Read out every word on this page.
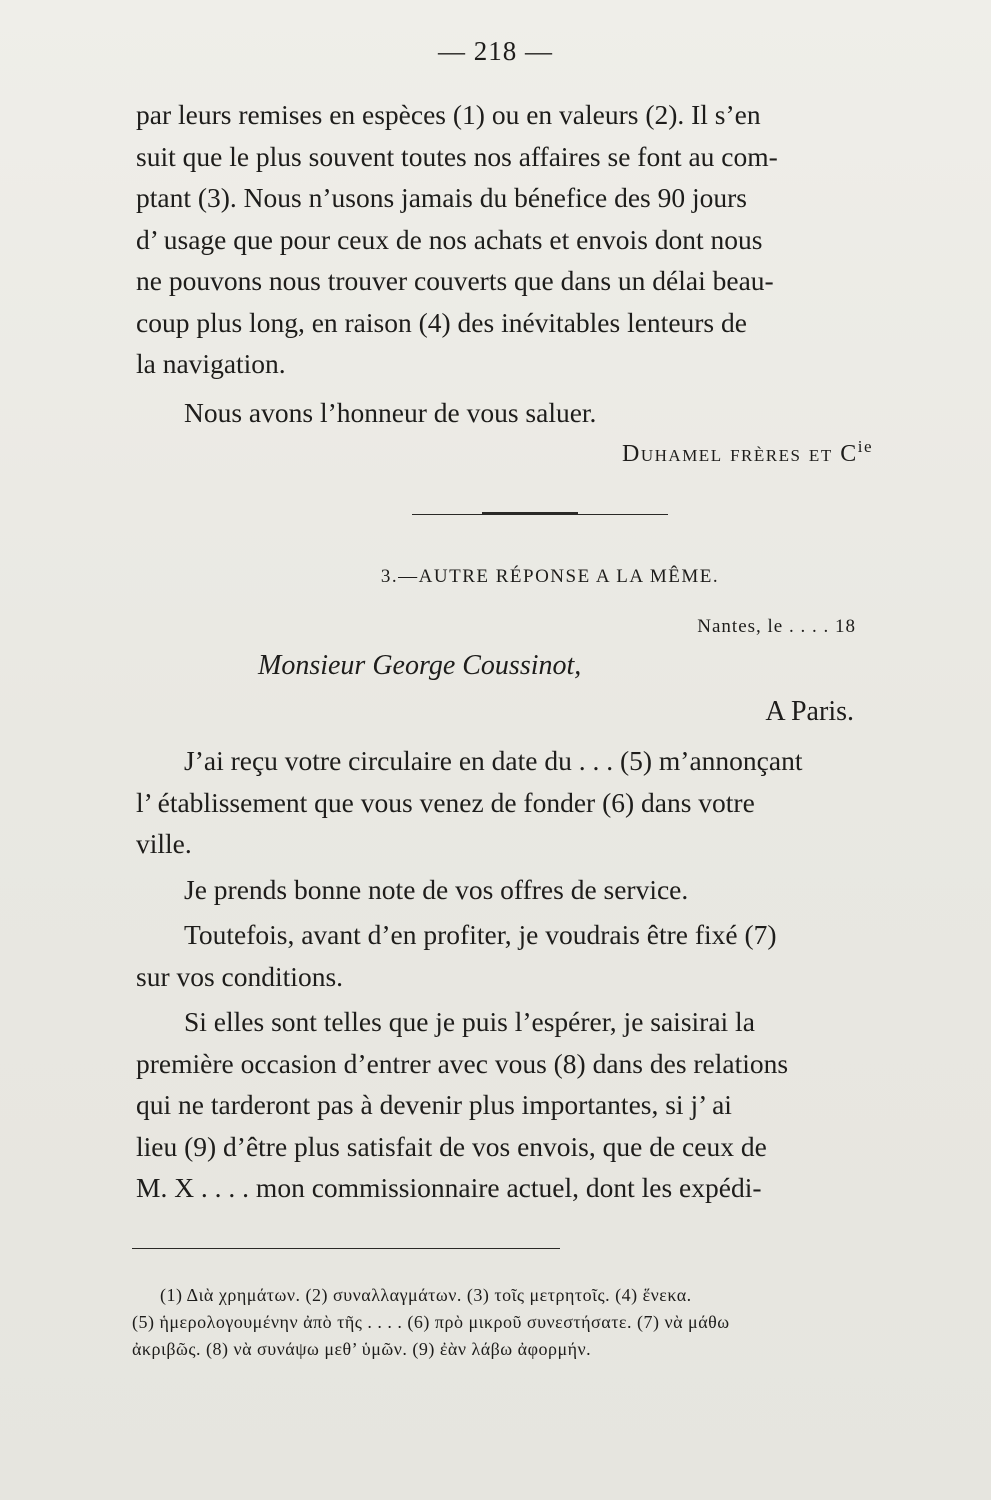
— 218 —

par leurs remises en espèces (1) ou en valeurs (2). Il s’en

suit que le plus souvent toutes nos affaires se font au com-

ptant (3). Nous n’usons jamais du bénefice des 90 jours

d’ usage que pour ceux de nos achats et envois dont nous

ne pouvons nous trouver couverts que dans un délai beau-

coup plus long, en raison (4) des inévitables lenteurs de

la navigation.

Nous avons l’honneur de vous saluer.
Duhamel frères et $C^{ie}$
3.—AUTRE RÉPONSE A LA MÊME.
Nantes, le . . . . 18
Monsieur George Coussinot,
A Paris.

J’ai reçu votre circulaire en date du . . . (5) m’annonçant

l’ établissement que vous venez de fonder (6) dans votre

ville.

Je prends bonne note de vos offres de service.

Toutefois, avant d’en profiter, je voudrais être fixé (7)

sur vos conditions.

Si elles sont telles que je puis l’espérer, je saisirai la

première occasion d’entrer avec vous (8) dans des relations

qui ne tarderont pas à devenir plus importantes, si j’ ai

lieu (9) d’être plus satisfait de vos envois, que de ceux de

M. X . . . . mon commissionnaire actuel, dont les expédi-

(1) Διὰ χρημάτων. (2) συναλλαγμάτων. (3) τοῖς μετρητοῖς. (4) ἕνεκα.

(5) ἡμερολογουμένην ἀπὸ τῆς . . . . (6) πρὸ μικροῦ συνεστήσατε. (7) νὰ μάθω

ἀκριβῶς. (8) νὰ συνάψω μεθ’ ὑμῶν. (9) ἐὰν λάβω ἀφορμήν.
